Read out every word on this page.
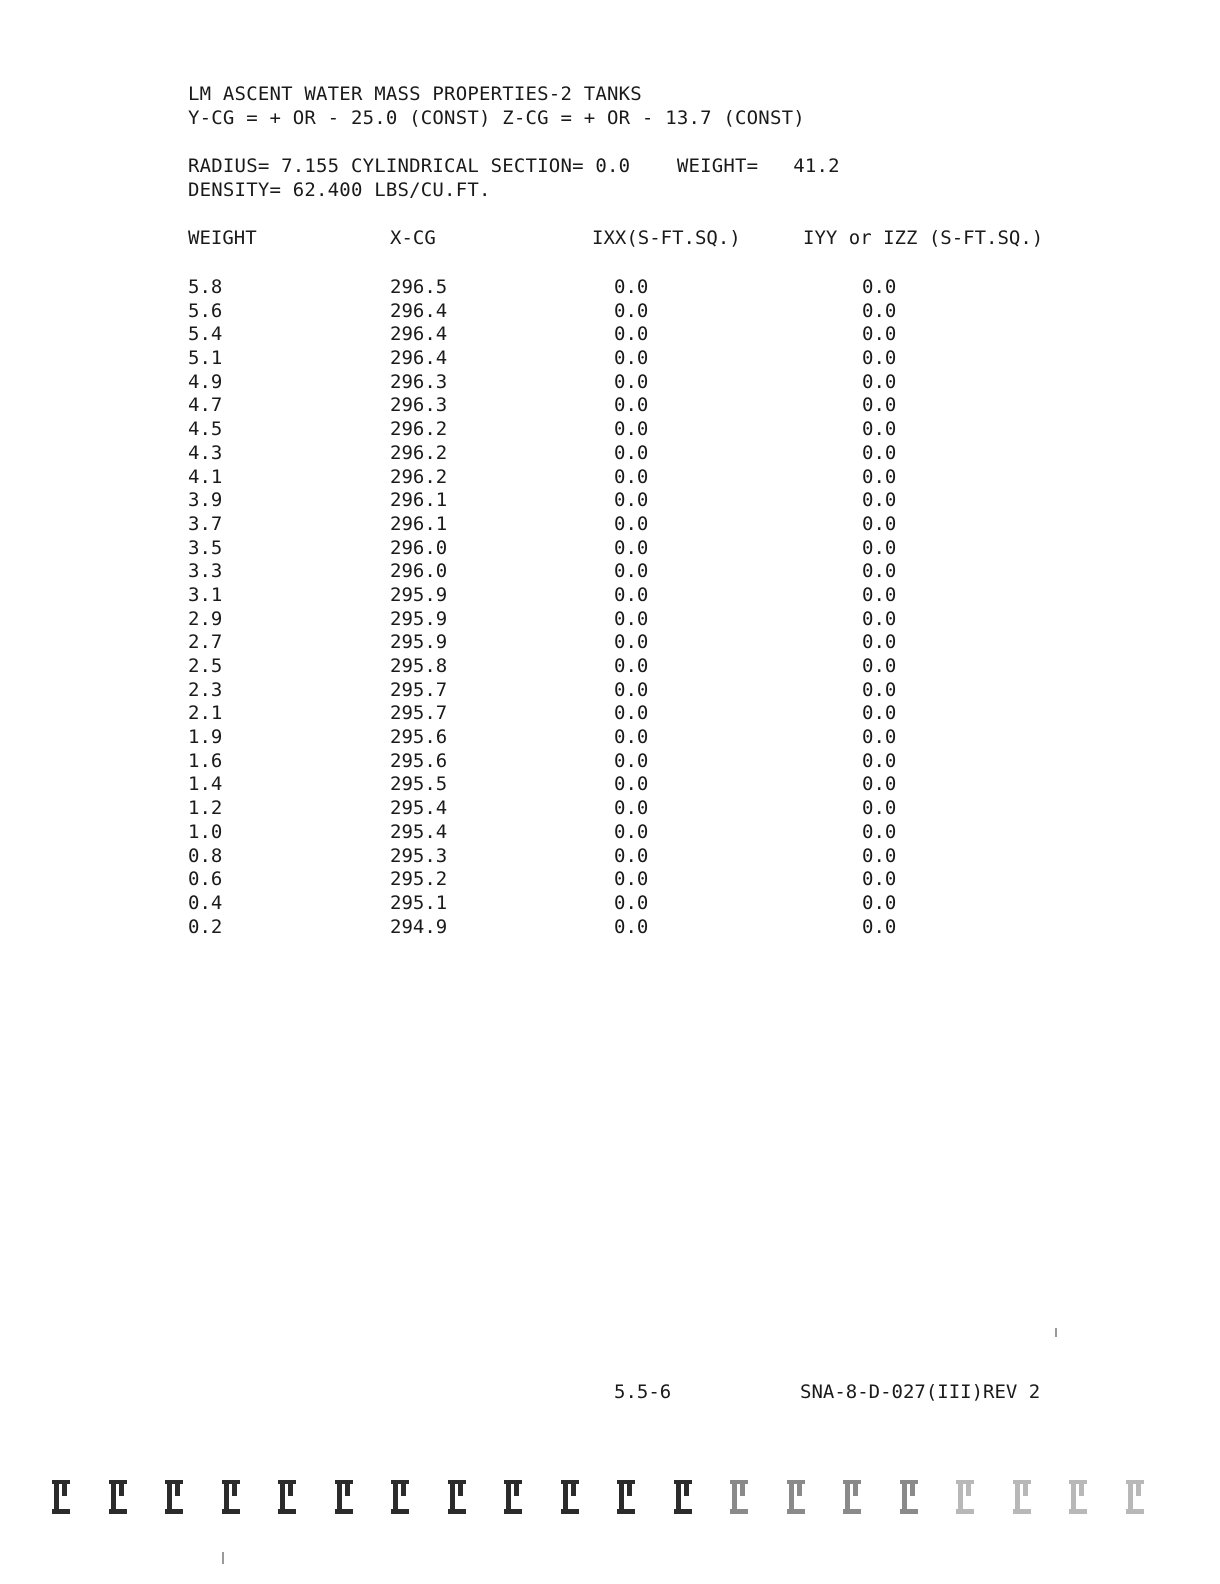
LM ASCENT WATER MASS PROPERTIES-2 TANKS
Y-CG = + OR - 25.0 (CONST) Z-CG = + OR - 13.7 (CONST)
RADIUS= 7.155 CYLINDRICAL SECTION= 0.0    WEIGHT=   41.2
DENSITY= 62.400 LBS/CU.FT.
WEIGHT	X-CG	IXX(S-FT.SQ.)	IYY or IZZ (S-FT.SQ.)
5.8	296.5	0.0	0.0
5.6	296.4	0.0	0.0
5.4	296.4	0.0	0.0
5.1	296.4	0.0	0.0
4.9	296.3	0.0	0.0
4.7	296.3	0.0	0.0
4.5	296.2	0.0	0.0
4.3	296.2	0.0	0.0
4.1	296.2	0.0	0.0
3.9	296.1	0.0	0.0
3.7	296.1	0.0	0.0
3.5	296.0	0.0	0.0
3.3	296.0	0.0	0.0
3.1	295.9	0.0	0.0
2.9	295.9	0.0	0.0
2.7	295.9	0.0	0.0
2.5	295.8	0.0	0.0
2.3	295.7	0.0	0.0
2.1	295.7	0.0	0.0
1.9	295.6	0.0	0.0
1.6	295.6	0.0	0.0
1.4	295.5	0.0	0.0
1.2	295.4	0.0	0.0
1.0	295.4	0.0	0.0
0.8	295.3	0.0	0.0
0.6	295.2	0.0	0.0
0.4	295.1	0.0	0.0
0.2	294.9	0.0	0.0
5.5-6	SNA-8-D-027(III)REV 2
